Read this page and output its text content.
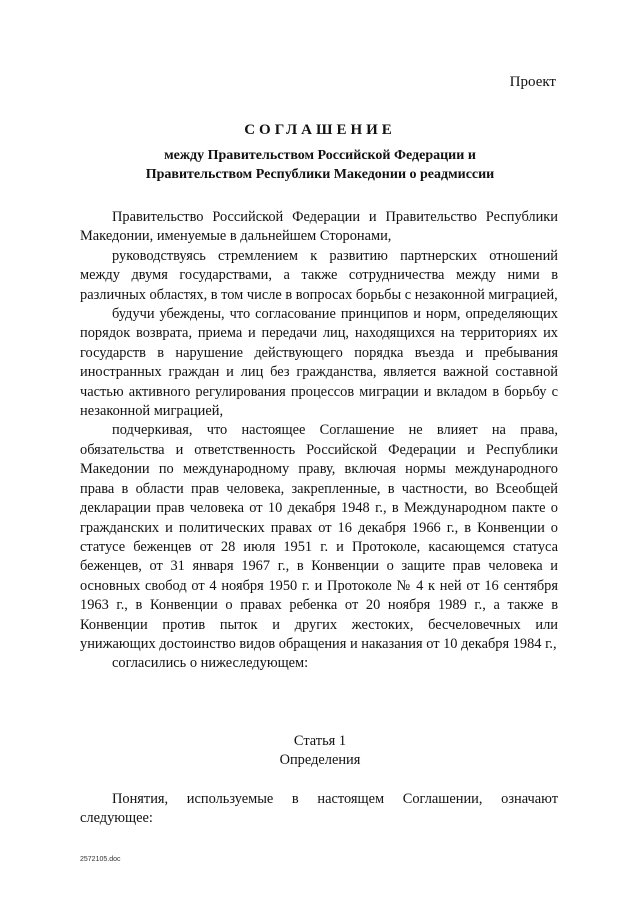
Проект
СОГЛАШЕНИЕ
между Правительством Российской Федерации и
Правительством Республики Македонии о реадмиссии

Правительство Российской Федерации и Правительство Республики Македонии, именуемые в дальнейшем Сторонами,

руководствуясь стремлением к развитию партнерских отношений между двумя государствами, а также сотрудничества между ними в различных областях, в том числе в вопросах борьбы с незаконной миграцией,

будучи убеждены, что согласование принципов и норм, определяющих порядок возврата, приема и передачи лиц, находящихся на территориях их государств в нарушение действующего порядка въезда и пребывания иностранных граждан и лиц без гражданства, является важной составной частью активного регулирования процессов миграции и вкладом в борьбу с незаконной миграцией,

подчеркивая, что настоящее Соглашение не влияет на права, обязательства и ответственность Российской Федерации и Республики Македонии по международному праву, включая нормы международного права в области прав человека, закрепленные, в частности, во Всеобщей декларации прав человека от 10 декабря 1948 г., в Международном пакте о гражданских и политических правах от 16 декабря 1966 г., в Конвенции о статусе беженцев от 28 июля 1951 г. и Протоколе, касающемся статуса беженцев, от 31 января 1967 г., в Конвенции о защите прав человека и основных свобод от 4 ноября 1950 г. и Протоколе № 4 к ней от 16 сентября 1963 г., в Конвенции о правах ребенка от 20 ноября 1989 г., а также в Конвенции против пыток и других жестоких, бесчеловечных или унижающих достоинство видов обращения и наказания от 10 декабря 1984 г.,

согласились о нижеследующем:

Статья 1
Определения

Понятия, используемые в настоящем Соглашении, означают следующее:

2572105.doc
